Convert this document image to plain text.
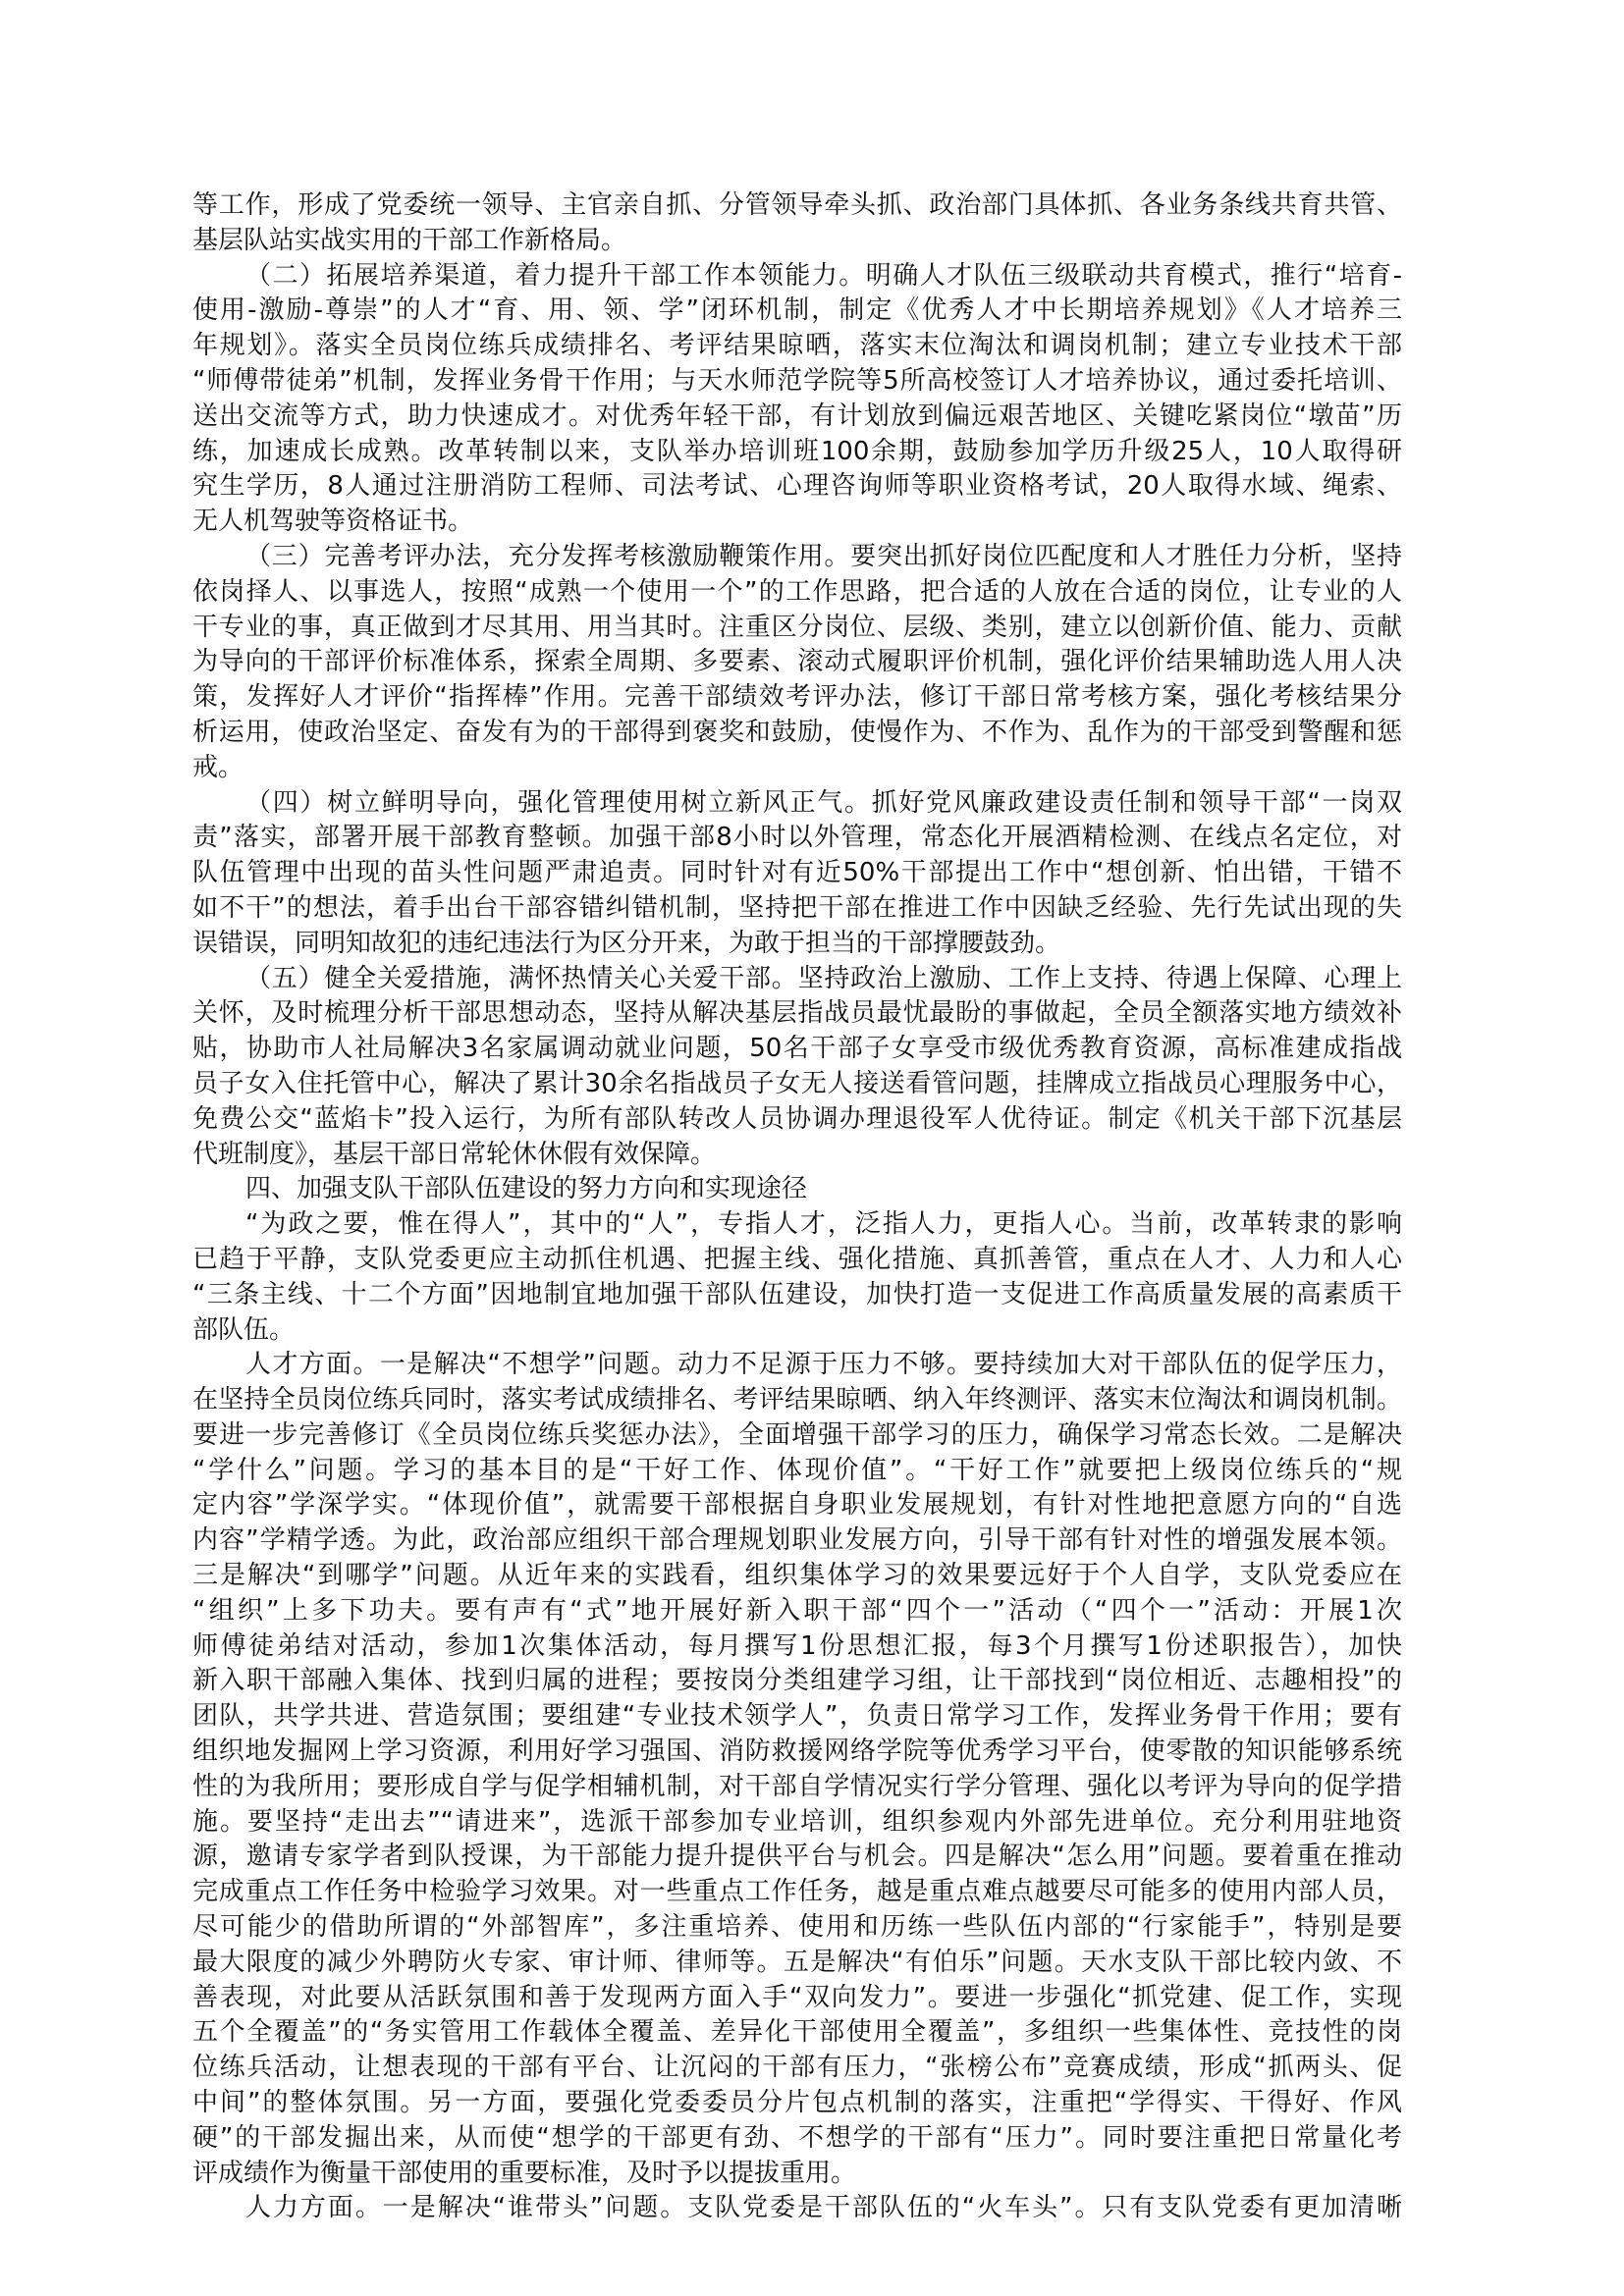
等工作，形成了党委统一领导、主官亲自抓、分管领导牵头抓、政治部门具体抓、各业务条线共育共管、
基层队站实战实用的干部工作新格局。
（二）拓展培养渠道，着力提升干部工作本领能力。明确人才队伍三级联动共育模式，推行“培育-
使用-激励-尊崇”的人才“育、用、领、学”闭环机制，制定《优秀人才中长期培养规划》《人才培养三
年规划》。落实全员岗位练兵成绩排名、考评结果晾晒，落实末位淘汰和调岗机制；建立专业技术干部
“师傅带徒弟”机制，发挥业务骨干作用；与天水师范学院等5所高校签订人才培养协议，通过委托培训、
送出交流等方式，助力快速成才。对优秀年轻干部，有计划放到偏远艰苦地区、关键吃紧岗位“墩苗”历
练，加速成长成熟。改革转制以来，支队举办培训班100余期，鼓励参加学历升级25人，10人取得研
究生学历，8人通过注册消防工程师、司法考试、心理咨询师等职业资格考试，20人取得水域、绳索、
无人机驾驶等资格证书。
（三）完善考评办法，充分发挥考核激励鞭策作用。要突出抓好岗位匹配度和人才胜任力分析，坚持
依岗择人、以事选人，按照“成熟一个使用一个”的工作思路，把合适的人放在合适的岗位，让专业的人
干专业的事，真正做到才尽其用、用当其时。注重区分岗位、层级、类别，建立以创新价值、能力、贡献
为导向的干部评价标准体系，探索全周期、多要素、滚动式履职评价机制，强化评价结果辅助选人用人决
策，发挥好人才评价“指挥棒”作用。完善干部绩效考评办法，修订干部日常考核方案，强化考核结果分
析运用，使政治坚定、奋发有为的干部得到褒奖和鼓励，使慢作为、不作为、乱作为的干部受到警醒和惩
戒。
（四）树立鲜明导向，强化管理使用树立新风正气。抓好党风廉政建设责任制和领导干部“一岗双
责”落实，部署开展干部教育整顿。加强干部8小时以外管理，常态化开展酒精检测、在线点名定位，对
队伍管理中出现的苗头性问题严肃追责。同时针对有近50%干部提出工作中“想创新、怕出错，干错不
如不干”的想法，着手出台干部容错纠错机制，坚持把干部在推进工作中因缺乏经验、先行先试出现的失
误错误，同明知故犯的违纪违法行为区分开来，为敢于担当的干部撑腰鼓劲。
（五）健全关爱措施，满怀热情关心关爱干部。坚持政治上激励、工作上支持、待遇上保障、心理上
关怀，及时梳理分析干部思想动态，坚持从解决基层指战员最忧最盼的事做起，全员全额落实地方绩效补
贴，协助市人社局解决3名家属调动就业问题，50名干部子女享受市级优秀教育资源，高标准建成指战
员子女入住托管中心，解决了累计30余名指战员子女无人接送看管问题，挂牌成立指战员心理服务中心，
免费公交“蓝焰卡”投入运行，为所有部队转改人员协调办理退役军人优待证。制定《机关干部下沉基层
代班制度》，基层干部日常轮休休假有效保障。
四、加强支队干部队伍建设的努力方向和实现途径
“为政之要，惟在得人”，其中的“人”，专指人才，泛指人力，更指人心。当前，改革转隶的影响
已趋于平静，支队党委更应主动抓住机遇、把握主线、强化措施、真抓善管，重点在人才、人力和人心
“三条主线、十二个方面”因地制宜地加强干部队伍建设，加快打造一支促进工作高质量发展的高素质干
部队伍。
人才方面。一是解决“不想学”问题。动力不足源于压力不够。要持续加大对干部队伍的促学压力，
在坚持全员岗位练兵同时，落实考试成绩排名、考评结果晾晒、纳入年终测评、落实末位淘汰和调岗机制。
要进一步完善修订《全员岗位练兵奖惩办法》，全面增强干部学习的压力，确保学习常态长效。二是解决
“学什么”问题。学习的基本目的是“干好工作、体现价值”。“干好工作”就要把上级岗位练兵的“规
定内容”学深学实。“体现价值”，就需要干部根据自身职业发展规划，有针对性地把意愿方向的“自选
内容”学精学透。为此，政治部应组织干部合理规划职业发展方向，引导干部有针对性的增强发展本领。
三是解决“到哪学”问题。从近年来的实践看，组织集体学习的效果要远好于个人自学，支队党委应在
“组织”上多下功夫。要有声有“式”地开展好新入职干部“四个一”活动（“四个一”活动：开展1次
师傅徒弟结对活动，参加1次集体活动，每月撰写1份思想汇报，每3个月撰写1份述职报告），加快
新入职干部融入集体、找到归属的进程；要按岗分类组建学习组，让干部找到“岗位相近、志趣相投”的
团队，共学共进、营造氛围；要组建“专业技术领学人”，负责日常学习工作，发挥业务骨干作用；要有
组织地发掘网上学习资源，利用好学习强国、消防救援网络学院等优秀学习平台，使零散的知识能够系统
性的为我所用；要形成自学与促学相辅机制，对干部自学情况实行学分管理、强化以考评为导向的促学措
施。要坚持“走出去”“请进来”，选派干部参加专业培训，组织参观内外部先进单位。充分利用驻地资
源，邀请专家学者到队授课，为干部能力提升提供平台与机会。四是解决“怎么用”问题。要着重在推动
完成重点工作任务中检验学习效果。对一些重点工作任务，越是重点难点越要尽可能多的使用内部人员，
尽可能少的借助所谓的“外部智库”，多注重培养、使用和历练一些队伍内部的“行家能手”，特别是要
最大限度的减少外聘防火专家、审计师、律师等。五是解决“有伯乐”问题。天水支队干部比较内敛、不
善表现，对此要从活跃氛围和善于发现两方面入手“双向发力”。要进一步强化“抓党建、促工作，实现
五个全覆盖”的“务实管用工作载体全覆盖、差异化干部使用全覆盖”，多组织一些集体性、竞技性的岗
位练兵活动，让想表现的干部有平台、让沉闷的干部有压力，“张榜公布”竞赛成绩，形成“抓两头、促
中间”的整体氛围。另一方面，要强化党委委员分片包点机制的落实，注重把“学得实、干得好、作风
硬”的干部发掘出来，从而使“想学的干部更有劲、不想学的干部有“压力”。同时要注重把日常量化考
评成绩作为衡量干部使用的重要标准，及时予以提拔重用。
人力方面。一是解决“谁带头”问题。支队党委是干部队伍的“火车头”。只有支队党委有更加清晰
